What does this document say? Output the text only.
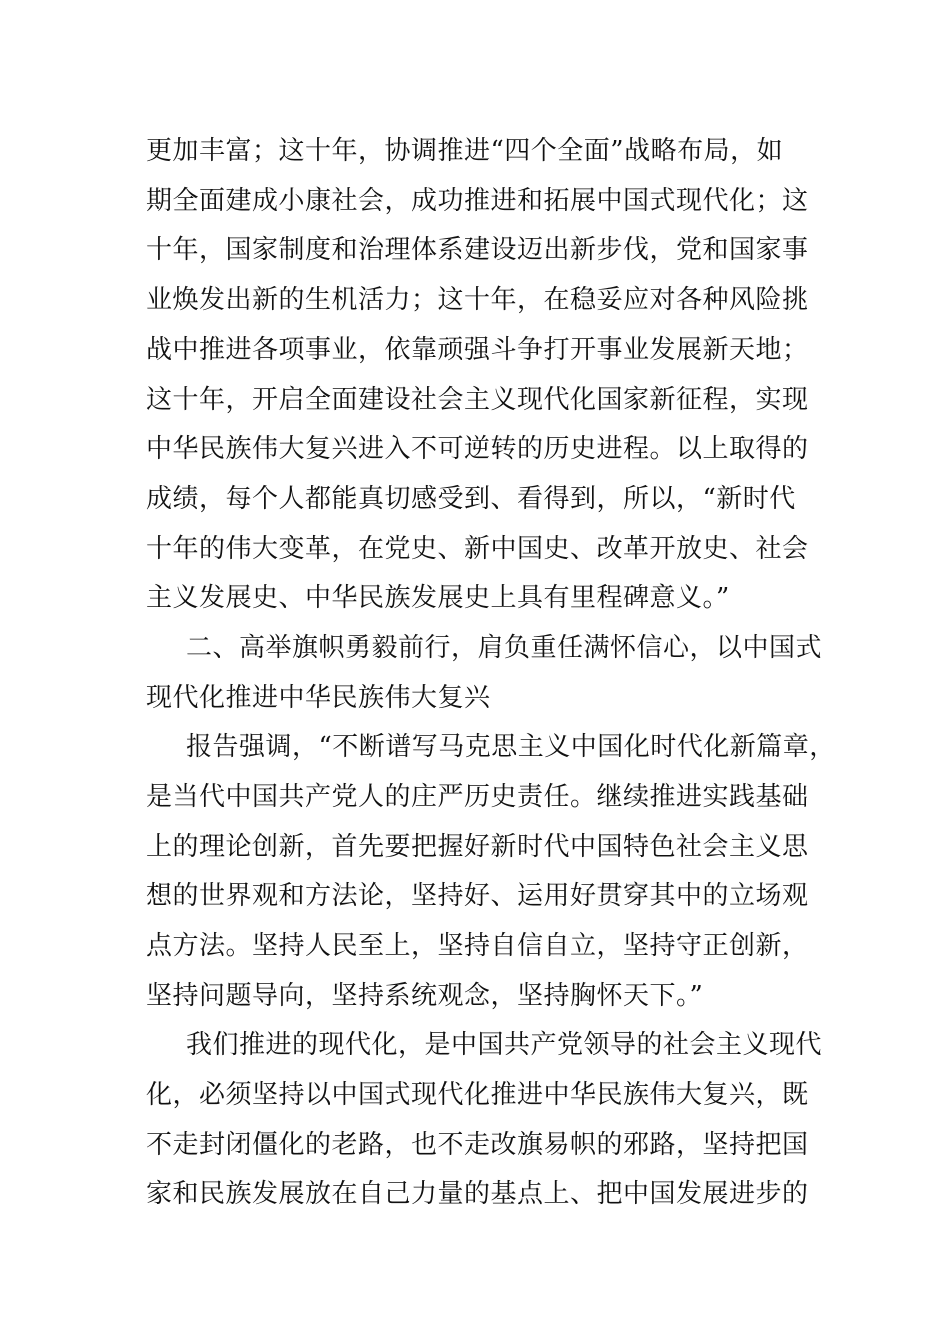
更加丰富；这十年，协调推进“四个全面”战略布局，如
期全面建成小康社会，成功推进和拓展中国式现代化；这
十年，国家制度和治理体系建设迈出新步伐，党和国家事
业焕发出新的生机活力；这十年，在稳妥应对各种风险挑
战中推进各项事业，依靠顽强斗争打开事业发展新天地；
这十年，开启全面建设社会主义现代化国家新征程，实现
中华民族伟大复兴进入不可逆转的历史进程。以上取得的
成绩，每个人都能真切感受到、看得到，所以，“新时代
十年的伟大变革，在党史、新中国史、改革开放史、社会
主义发展史、中华民族发展史上具有里程碑意义。”
二、高举旗帜勇毅前行，肩负重任满怀信心，以中国式
现代化推进中华民族伟大复兴
报告强调，“不断谱写马克思主义中国化时代化新篇章，
是当代中国共产党人的庄严历史责任。继续推进实践基础
上的理论创新，首先要把握好新时代中国特色社会主义思
想的世界观和方法论，坚持好、运用好贯穿其中的立场观
点方法。坚持人民至上，坚持自信自立，坚持守正创新，
坚持问题导向，坚持系统观念，坚持胸怀天下。”
我们推进的现代化，是中国共产党领导的社会主义现代
化，必须坚持以中国式现代化推进中华民族伟大复兴，既
不走封闭僵化的老路，也不走改旗易帜的邪路，坚持把国
家和民族发展放在自己力量的基点上、把中国发展进步的
